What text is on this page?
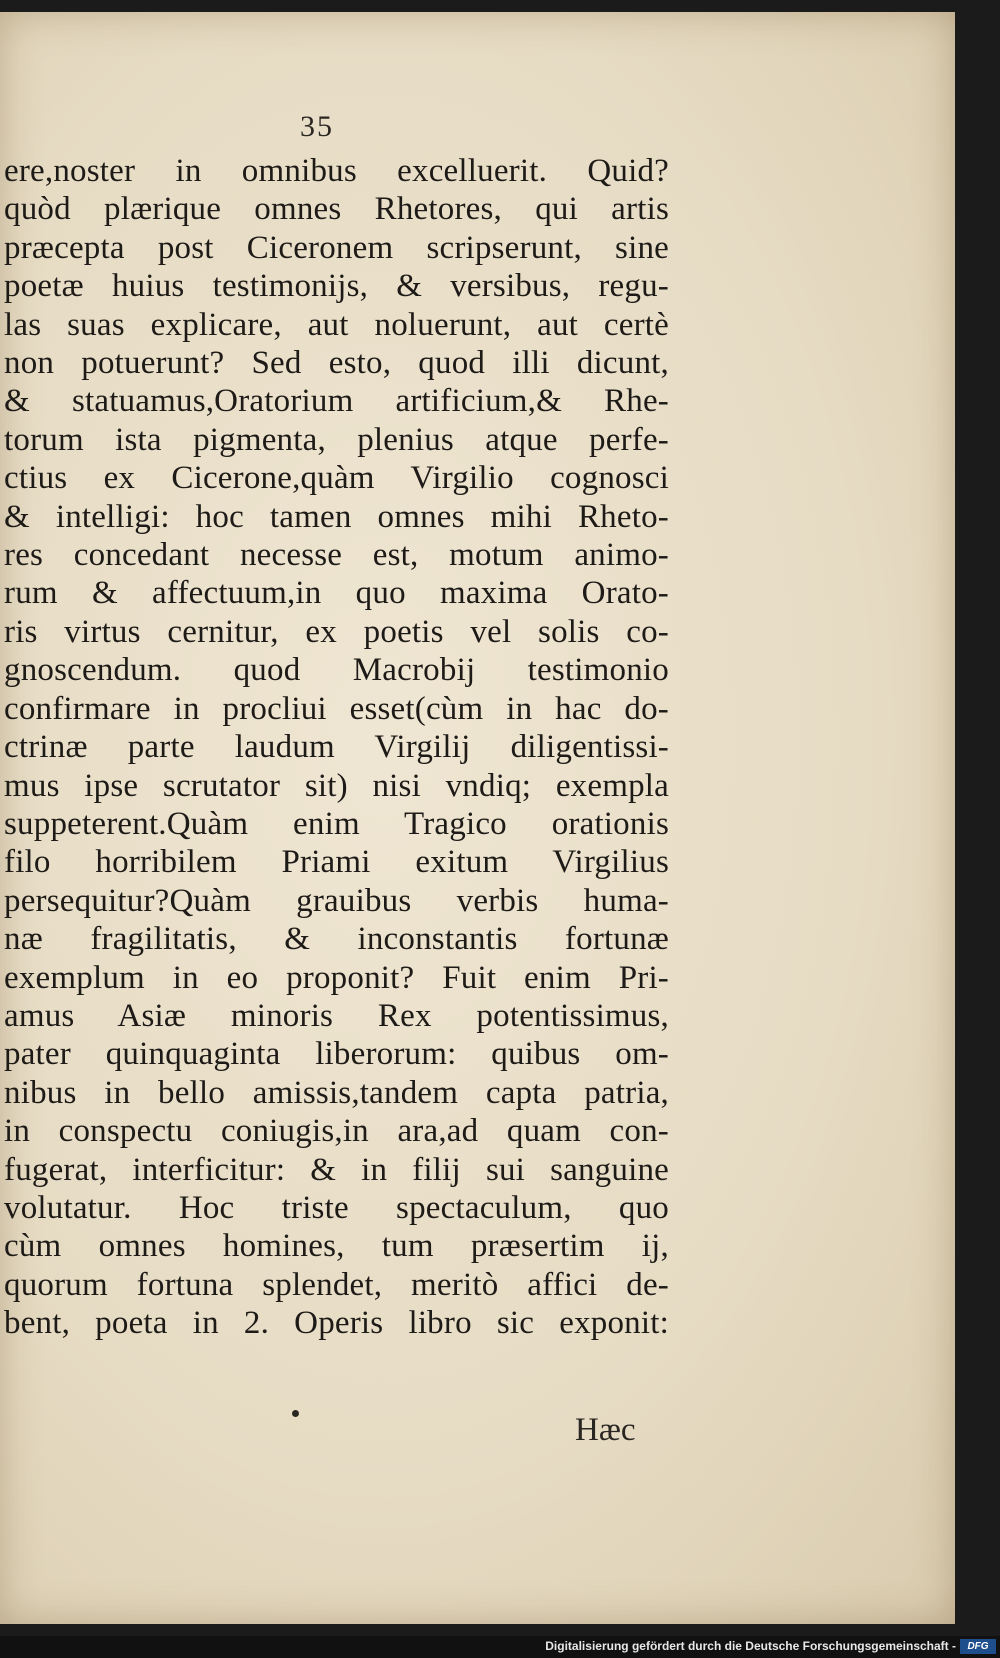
35
ere,noster in omnibus excelluerit. Quid?
quòd plærique omnes Rhetores, qui artis
præcepta post Ciceronem scripserunt, sine
poetæ huius testimonijs, & versibus, regu-
las suas explicare, aut noluerunt, aut certè
non potuerunt? Sed esto, quod illi dicunt,
& statuamus,Oratorium artificium,& Rhe-
torum ista pigmenta, plenius atque perfe-
ctius ex Cicerone,quàm Virgilio cognosci
& intelligi: hoc tamen omnes mihi Rheto-
res concedant necesse est, motum animo-
rum & affectuum,in quo maxima Orato-
ris virtus cernitur, ex poetis vel solis co-
gnoscendum. quod Macrobij testimonio
confirmare in procliui esset(cùm in hac do-
ctrinæ parte laudum Virgilij diligentissi-
mus ipse scrutator sit) nisi vndiq; exempla
suppeterent.Quàm enim Tragico orationis
filo horribilem Priami exitum Virgilius
persequitur?Quàm grauibus verbis huma-
næ fragilitatis, & inconstantis fortunæ
exemplum in eo proponit? Fuit enim Pri-
amus Asiæ minoris Rex potentissimus,
pater quinquaginta liberorum: quibus om-
nibus in bello amissis,tandem capta patria,
in conspectu coniugis,in ara,ad quam con-
fugerat, interficitur: & in filij sui sanguine
volutatur. Hoc triste spectaculum, quo
cùm omnes homines, tum præsertim ij,
quorum fortuna splendet, meritò affici de-
bent, poeta in 2. Operis libro sic exponit:
Hæc
Digitalisierung gefördert durch die Deutsche Forschungsgemeinschaft -	DFG
